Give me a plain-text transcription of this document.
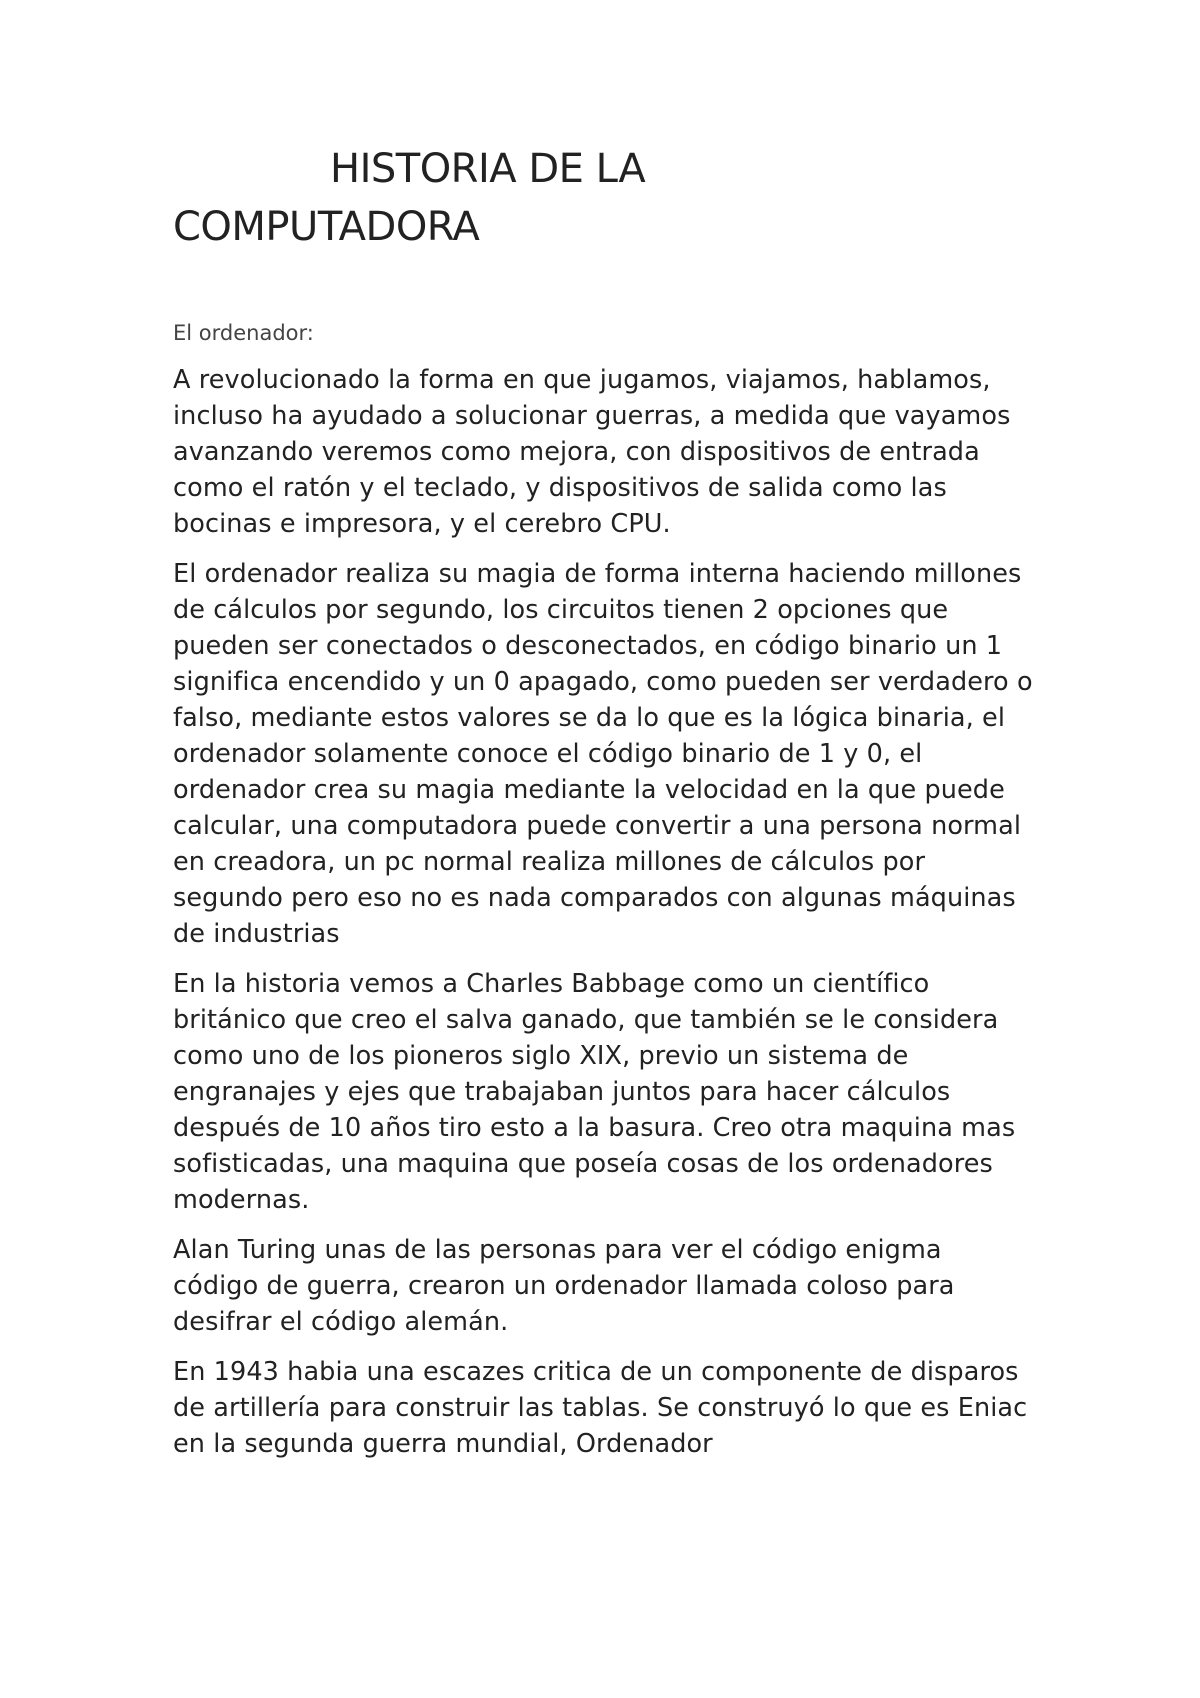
HISTORIA DE LA
COMPUTADORA

El ordenador:

A revolucionado la forma en que jugamos, viajamos, hablamos, incluso ha ayudado a solucionar guerras, a medida que vayamos avanzando veremos como mejora, con dispositivos de entrada como el ratón y el teclado, y dispositivos de salida como las bocinas e impresora, y el cerebro CPU.

El ordenador realiza su magia de forma interna haciendo millones de cálculos por segundo, los circuitos tienen 2 opciones que pueden ser conectados o desconectados, en código binario un 1 significa encendido y un 0 apagado, como pueden ser verdadero o falso, mediante estos valores se da lo que es la lógica binaria, el ordenador solamente conoce el código binario de 1 y 0, el ordenador crea su magia mediante la velocidad en la que puede calcular, una computadora puede convertir a una persona normal en creadora, un pc normal realiza millones de cálculos por segundo pero eso no es nada comparados con algunas máquinas de industrias

En la historia vemos a Charles Babbage como un científico británico que creo el salva ganado, que también se le considera como uno de los pioneros siglo XIX, previo un sistema de engranajes y ejes que trabajaban juntos para hacer cálculos después de 10 años tiro esto a la basura. Creo otra maquina mas sofisticadas, una maquina que poseía cosas de los ordenadores modernas.

Alan Turing unas de las personas para ver el código enigma código de guerra, crearon un ordenador llamada coloso para desifrar el código alemán.

En 1943 habia una escazes critica de un componente de disparos de artillería para construir las tablas. Se construyó lo que es Eniac en la segunda guerra mundial, Ordenador
